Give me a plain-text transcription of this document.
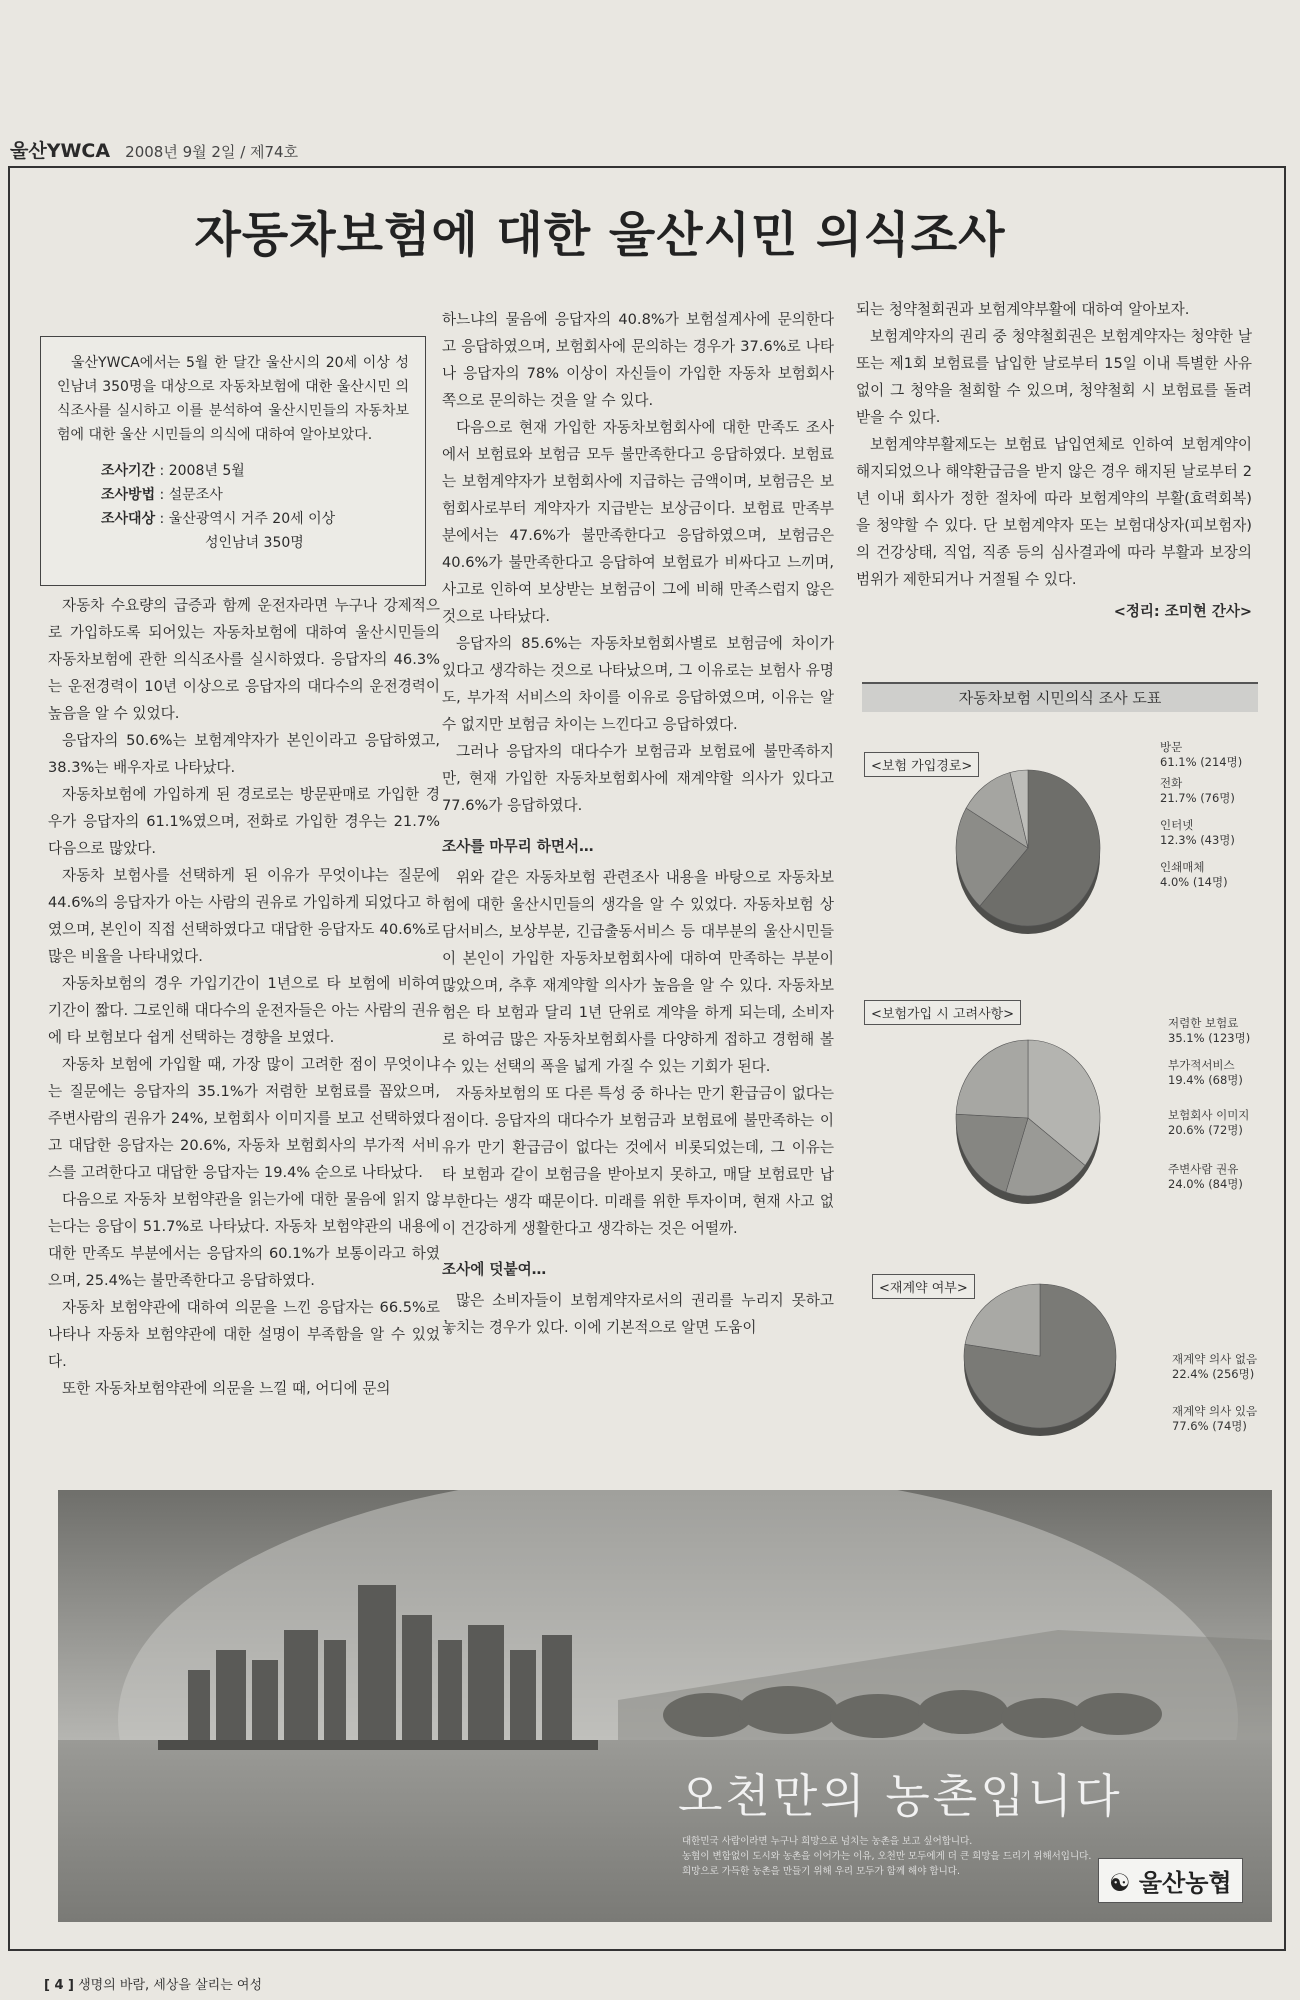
울산YWCA 2008년 9월 2일 / 제74호
자동차보험에 대한 울산시민 의식조사

울산YWCA에서는 5월 한 달간 울산시의 20세 이상 성인남녀 350명을 대상으로 자동차보험에 대한 울산시민 의식조사를 실시하고 이를 분석하여 울산시민들의 자동차보험에 대한 울산 시민들의 의식에 대하여 알아보았다.

조사기간 : 2008년 5월
조사방법 : 설문조사
조사대상 : 울산광역시 거주 20세 이상
성인남녀 350명

자동차 수요량의 급증과 함께 운전자라면 누구나 강제적으로 가입하도록 되어있는 자동차보험에 대하여 울산시민들의 자동차보험에 관한 의식조사를 실시하였다. 응답자의 46.3%는 운전경력이 10년 이상으로 응답자의 대다수의 운전경력이 높음을 알 수 있었다.

응답자의 50.6%는 보험계약자가 본인이라고 응답하였고, 38.3%는 배우자로 나타났다.

자동차보험에 가입하게 된 경로로는 방문판매로 가입한 경우가 응답자의 61.1%였으며, 전화로 가입한 경우는 21.7% 다음으로 많았다.

자동차 보험사를 선택하게 된 이유가 무엇이냐는 질문에 44.6%의 응답자가 아는 사람의 권유로 가입하게 되었다고 하였으며, 본인이 직접 선택하였다고 대답한 응답자도 40.6%로 많은 비율을 나타내었다.

자동차보험의 경우 가입기간이 1년으로 타 보험에 비하여 기간이 짧다. 그로인해 대다수의 운전자들은 아는 사람의 권유에 타 보험보다 쉽게 선택하는 경향을 보였다.

자동차 보험에 가입할 때, 가장 많이 고려한 점이 무엇이냐는 질문에는 응답자의 35.1%가 저렴한 보험료를 꼽았으며, 주변사람의 권유가 24%, 보험회사 이미지를 보고 선택하였다고 대답한 응답자는 20.6%, 자동차 보험회사의 부가적 서비스를 고려한다고 대답한 응답자는 19.4% 순으로 나타났다.

다음으로 자동차 보험약관을 읽는가에 대한 물음에 읽지 않는다는 응답이 51.7%로 나타났다. 자동차 보험약관의 내용에 대한 만족도 부분에서는 응답자의 60.1%가 보통이라고 하였으며, 25.4%는 불만족한다고 응답하였다.

자동차 보험약관에 대하여 의문을 느낀 응답자는 66.5%로 나타나 자동차 보험약관에 대한 설명이 부족함을 알 수 있었다.

또한 자동차보험약관에 의문을 느낄 때, 어디에 문의

하느냐의 물음에 응답자의 40.8%가 보험설계사에 문의한다고 응답하였으며, 보험회사에 문의하는 경우가 37.6%로 나타나 응답자의 78% 이상이 자신들이 가입한 자동차 보험회사 쪽으로 문의하는 것을 알 수 있다.

다음으로 현재 가입한 자동차보험회사에 대한 만족도 조사에서 보험료와 보험금 모두 불만족한다고 응답하였다. 보험료는 보험계약자가 보험회사에 지급하는 금액이며, 보험금은 보험회사로부터 계약자가 지급받는 보상금이다. 보험료 만족부분에서는 47.6%가 불만족한다고 응답하였으며, 보험금은 40.6%가 불만족한다고 응답하여 보험료가 비싸다고 느끼며, 사고로 인하여 보상받는 보험금이 그에 비해 만족스럽지 않은 것으로 나타났다.

응답자의 85.6%는 자동차보험회사별로 보험금에 차이가 있다고 생각하는 것으로 나타났으며, 그 이유로는 보험사 유명도, 부가적 서비스의 차이를 이유로 응답하였으며, 이유는 알 수 없지만 보험금 차이는 느낀다고 응답하였다.

그러나 응답자의 대다수가 보험금과 보험료에 불만족하지만, 현재 가입한 자동차보험회사에 재계약할 의사가 있다고 77.6%가 응답하였다.

조사를 마무리 하면서…

위와 같은 자동차보험 관련조사 내용을 바탕으로 자동차보험에 대한 울산시민들의 생각을 알 수 있었다. 자동차보험 상담서비스, 보상부분, 긴급출동서비스 등 대부분의 울산시민들이 본인이 가입한 자동차보험회사에 대하여 만족하는 부분이 많았으며, 추후 재계약할 의사가 높음을 알 수 있다. 자동차보험은 타 보험과 달리 1년 단위로 계약을 하게 되는데, 소비자로 하여금 많은 자동차보험회사를 다양하게 접하고 경험해 볼 수 있는 선택의 폭을 넓게 가질 수 있는 기회가 된다.

자동차보험의 또 다른 특성 중 하나는 만기 환급금이 없다는 점이다. 응답자의 대다수가 보험금과 보험료에 불만족하는 이유가 만기 환급금이 없다는 것에서 비롯되었는데, 그 이유는 타 보험과 같이 보험금을 받아보지 못하고, 매달 보험료만 납부한다는 생각 때문이다. 미래를 위한 투자이며, 현재 사고 없이 건강하게 생활한다고 생각하는 것은 어떨까.

조사에 덧붙여…

많은 소비자들이 보험계약자로서의 권리를 누리지 못하고 놓치는 경우가 있다. 이에 기본적으로 알면 도움이

되는 청약철회권과 보험계약부활에 대하여 알아보자.

보험계약자의 권리 중 청약철회권은 보험계약자는 청약한 날 또는 제1회 보험료를 납입한 날로부터 15일 이내 특별한 사유 없이 그 청약을 철회할 수 있으며, 청약철회 시 보험료를 돌려받을 수 있다.

보험계약부활제도는 보험료 납입연체로 인하여 보험계약이 해지되었으나 해약환급금을 받지 않은 경우 해지된 날로부터 2년 이내 회사가 정한 절차에 따라 보험계약의 부활(효력회복)을 청약할 수 있다. 단 보험계약자 또는 보험대상자(피보험자)의 건강상태, 직업, 직종 등의 심사결과에 따라 부활과 보장의 범위가 제한되거나 거절될 수 있다.

<정리: 조미현 간사>
자동차보험 시민의식 조사 도표
<보험 가입경로>
방문
61.1% (214명)
전화
21.7% (76명)
인터넷
12.3% (43명)
인쇄매체
4.0% (14명)
<보험가입 시 고려사항>
저렴한 보험료
35.1% (123명)
부가적서비스
19.4% (68명)
보험회사 이미지
20.6% (72명)
주변사람 권유
24.0% (84명)
<재계약 여부>
재계약 의사 없음
22.4% (256명)
재계약 의사 있음
77.6% (74명)
오천만의 농촌입니다
대한민국 사람이라면 누구나 희망으로 넘치는 농촌을 보고 싶어합니다.
농협이 변함없이 도시와 농촌을 이어가는 이유, 오천만 모두에게 더 큰 희망을 드리기 위해서입니다.
희망으로 가득한 농촌을 만들기 위해 우리 모두가 함께 해야 합니다.	☯ 울산농협
[ 4 ] 생명의 바람, 세상을 살리는 여성
